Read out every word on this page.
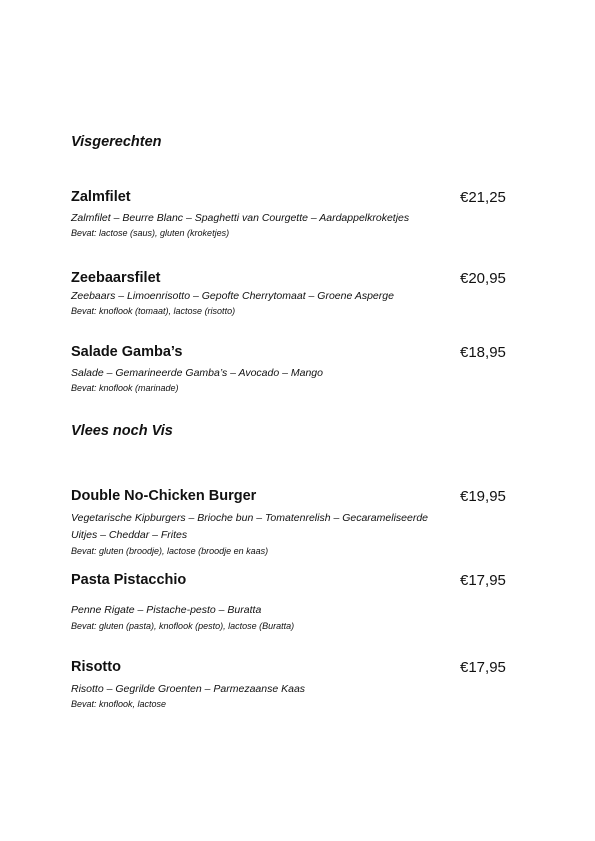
Visgerechten
Zalmfilet	€21,25
Zalmfilet – Beurre Blanc – Spaghetti van Courgette – Aardappelkroketjes
Bevat: lactose (saus), gluten (kroketjes)
Zeebaarsfilet	€20,95
Zeebaars – Limoenrisotto – Gepofte Cherrytomaat – Groene Asperge
Bevat: knoflook (tomaat), lactose (risotto)
Salade Gamba’s	€18,95
Salade – Gemarineerde Gamba’s – Avocado – Mango
Bevat: knoflook (marinade)
Vlees noch Vis
Double No-Chicken Burger	€19,95
Vegetarische Kipburgers – Brioche bun – Tomatenrelish – Gecarameliseerde
Uitjes – Cheddar – Frites
Bevat: gluten (broodje), lactose (broodje en kaas)
Pasta Pistacchio	€17,95
Penne Rigate – Pistache-pesto – Buratta
Bevat: gluten (pasta), knoflook (pesto), lactose (Buratta)
Risotto	€17,95
Risotto – Gegrilde Groenten – Parmezaanse Kaas
Bevat: knoflook, lactose
